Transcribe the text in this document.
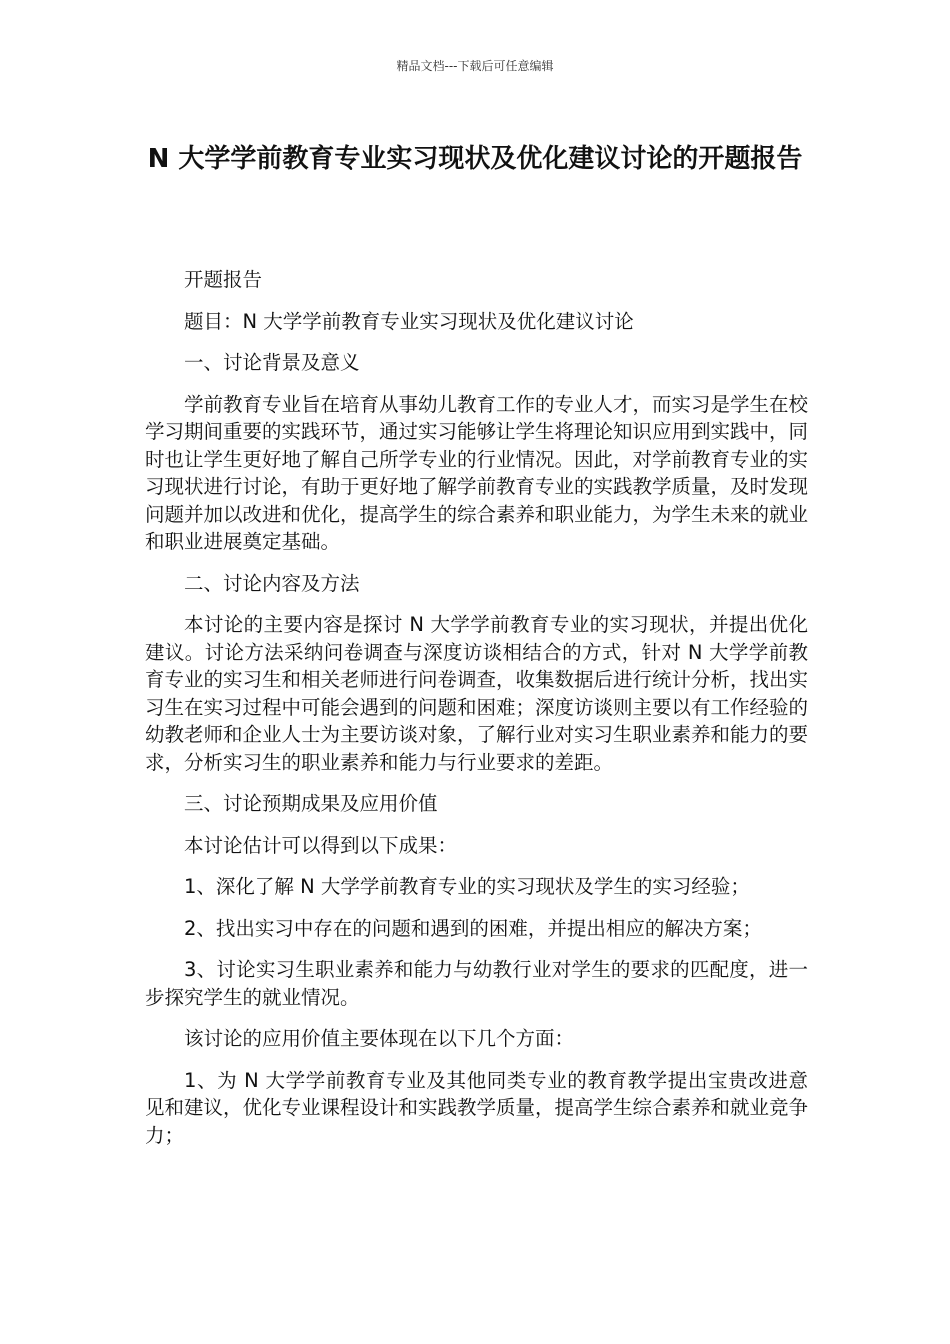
精品文档---下载后可任意编辑
N 大学学前教育专业实习现状及优化建议讨论的开题报告

开题报告

题目：N 大学学前教育专业实习现状及优化建议讨论

一、讨论背景及意义

学前教育专业旨在培育从事幼儿教育工作的专业人才，而实习是学生在校学习期间重要的实践环节，通过实习能够让学生将理论知识应用到实践中，同时也让学生更好地了解自己所学专业的行业情况。因此，对学前教育专业的实习现状进行讨论，有助于更好地了解学前教育专业的实践教学质量，及时发现问题并加以改进和优化，提高学生的综合素养和职业能力，为学生未来的就业和职业进展奠定基础。

二、讨论内容及方法

本讨论的主要内容是探讨 N 大学学前教育专业的实习现状，并提出优化建议。讨论方法采纳问卷调查与深度访谈相结合的方式，针对 N 大学学前教育专业的实习生和相关老师进行问卷调查，收集数据后进行统计分析，找出实习生在实习过程中可能会遇到的问题和困难；深度访谈则主要以有工作经验的幼教老师和企业人士为主要访谈对象，了解行业对实习生职业素养和能力的要求，分析实习生的职业素养和能力与行业要求的差距。

三、讨论预期成果及应用价值

本讨论估计可以得到以下成果：

1、深化了解 N 大学学前教育专业的实习现状及学生的实习经验；

2、找出实习中存在的问题和遇到的困难，并提出相应的解决方案；

3、讨论实习生职业素养和能力与幼教行业对学生的要求的匹配度，进一步探究学生的就业情况。

该讨论的应用价值主要体现在以下几个方面：

1、为 N 大学学前教育专业及其他同类专业的教育教学提出宝贵改进意见和建议，优化专业课程设计和实践教学质量，提高学生综合素养和就业竞争力；
